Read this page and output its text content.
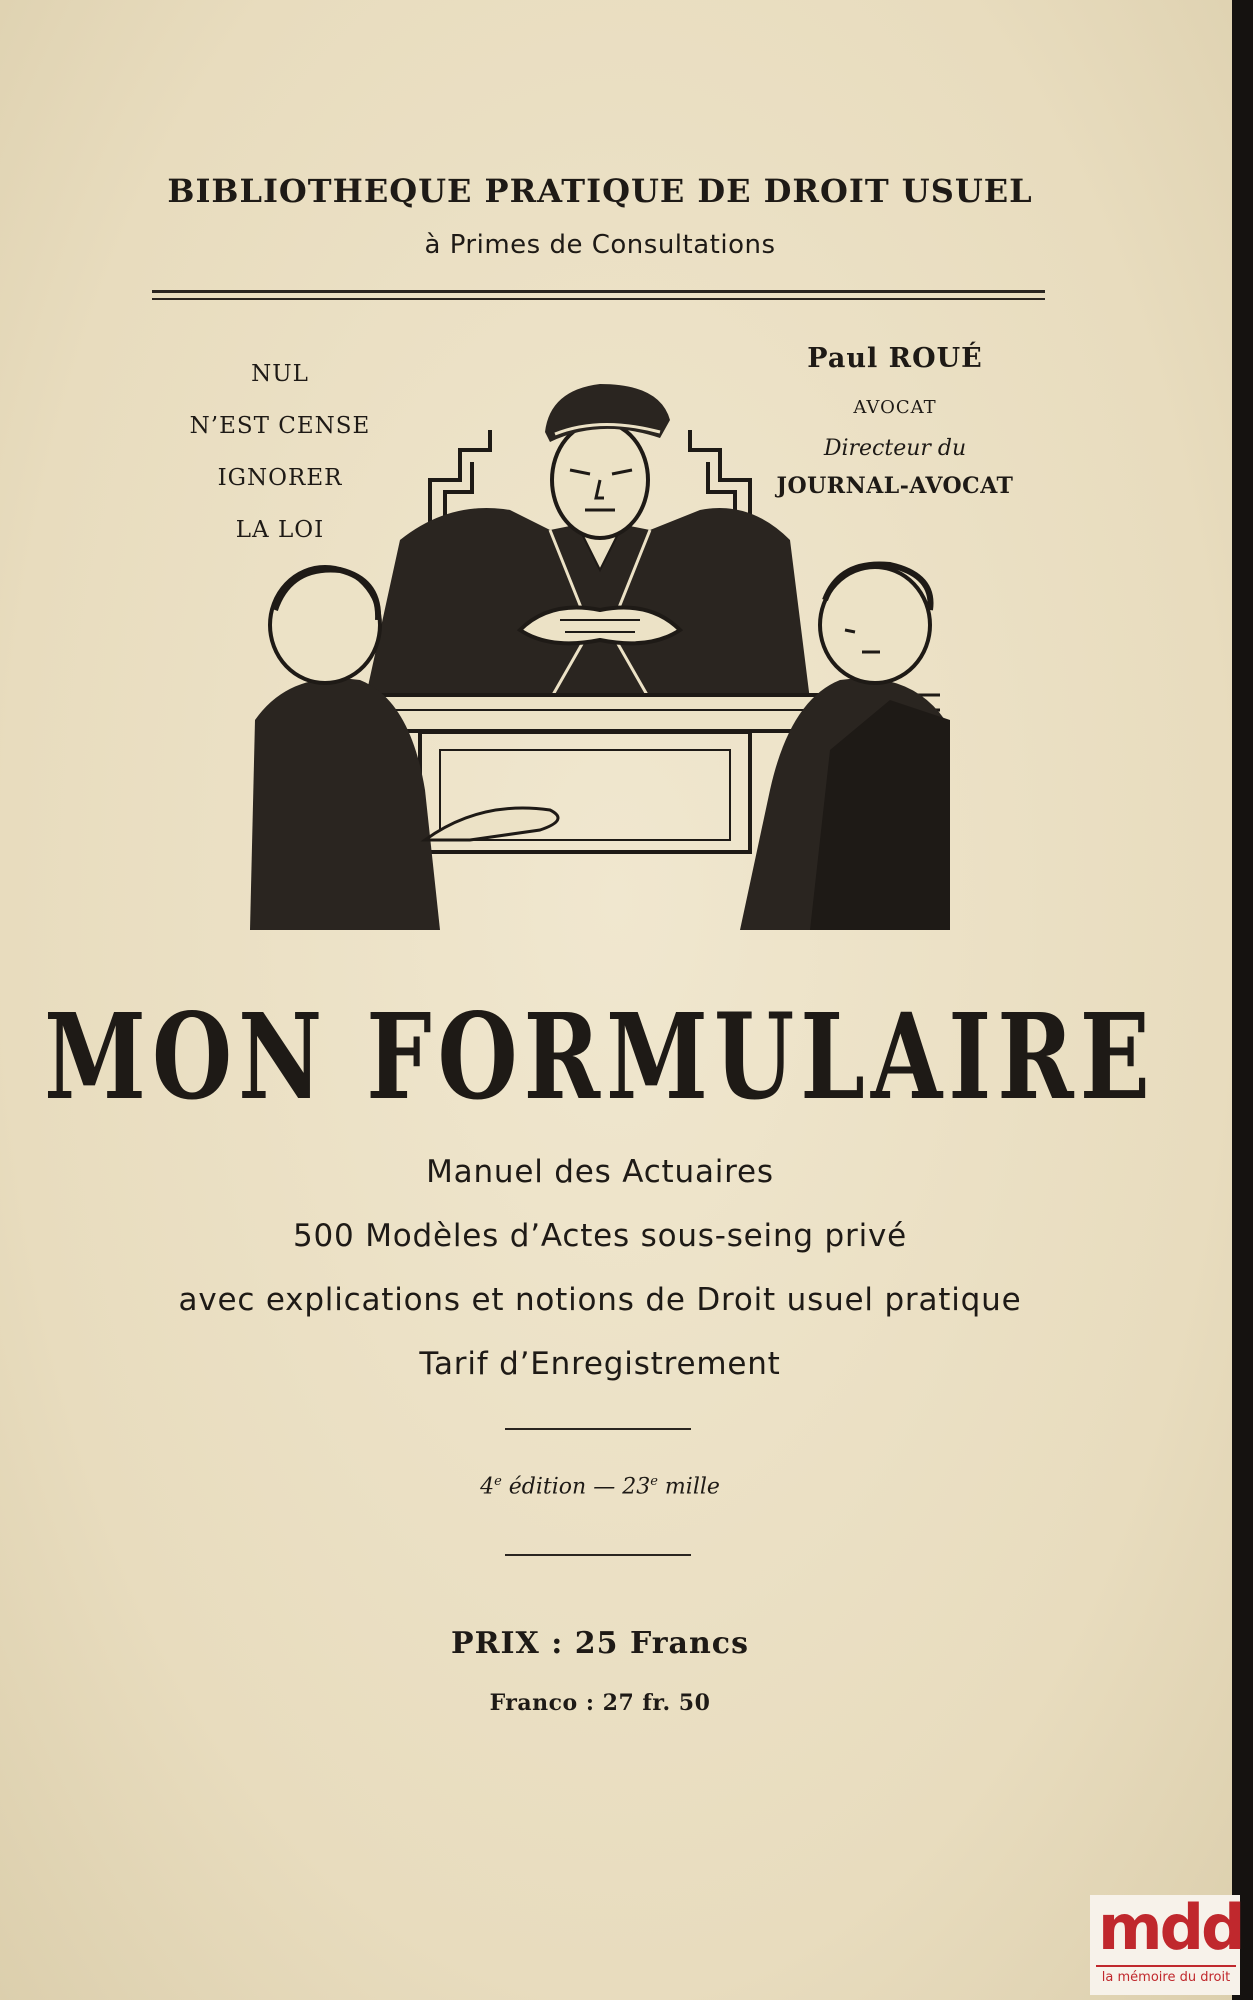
BIBLIOTHEQUE PRATIQUE DE DROIT USUEL
à Primes de Consultations
NUL
N’EST CENSE
IGNORER
LA LOI
Paul ROUÉ
AVOCAT
Directeur du
JOURNAL-AVOCAT
MON FORMULAIRE
Manuel des Actuaires
500 Modèles d’Actes sous-seing privé
avec explications et notions de Droit usuel pratique
Tarif d’Enregistrement
4e édition — 23e mille
PRIX : 25 Francs
Franco : 27 fr. 50
mdd
la mémoire du droit
